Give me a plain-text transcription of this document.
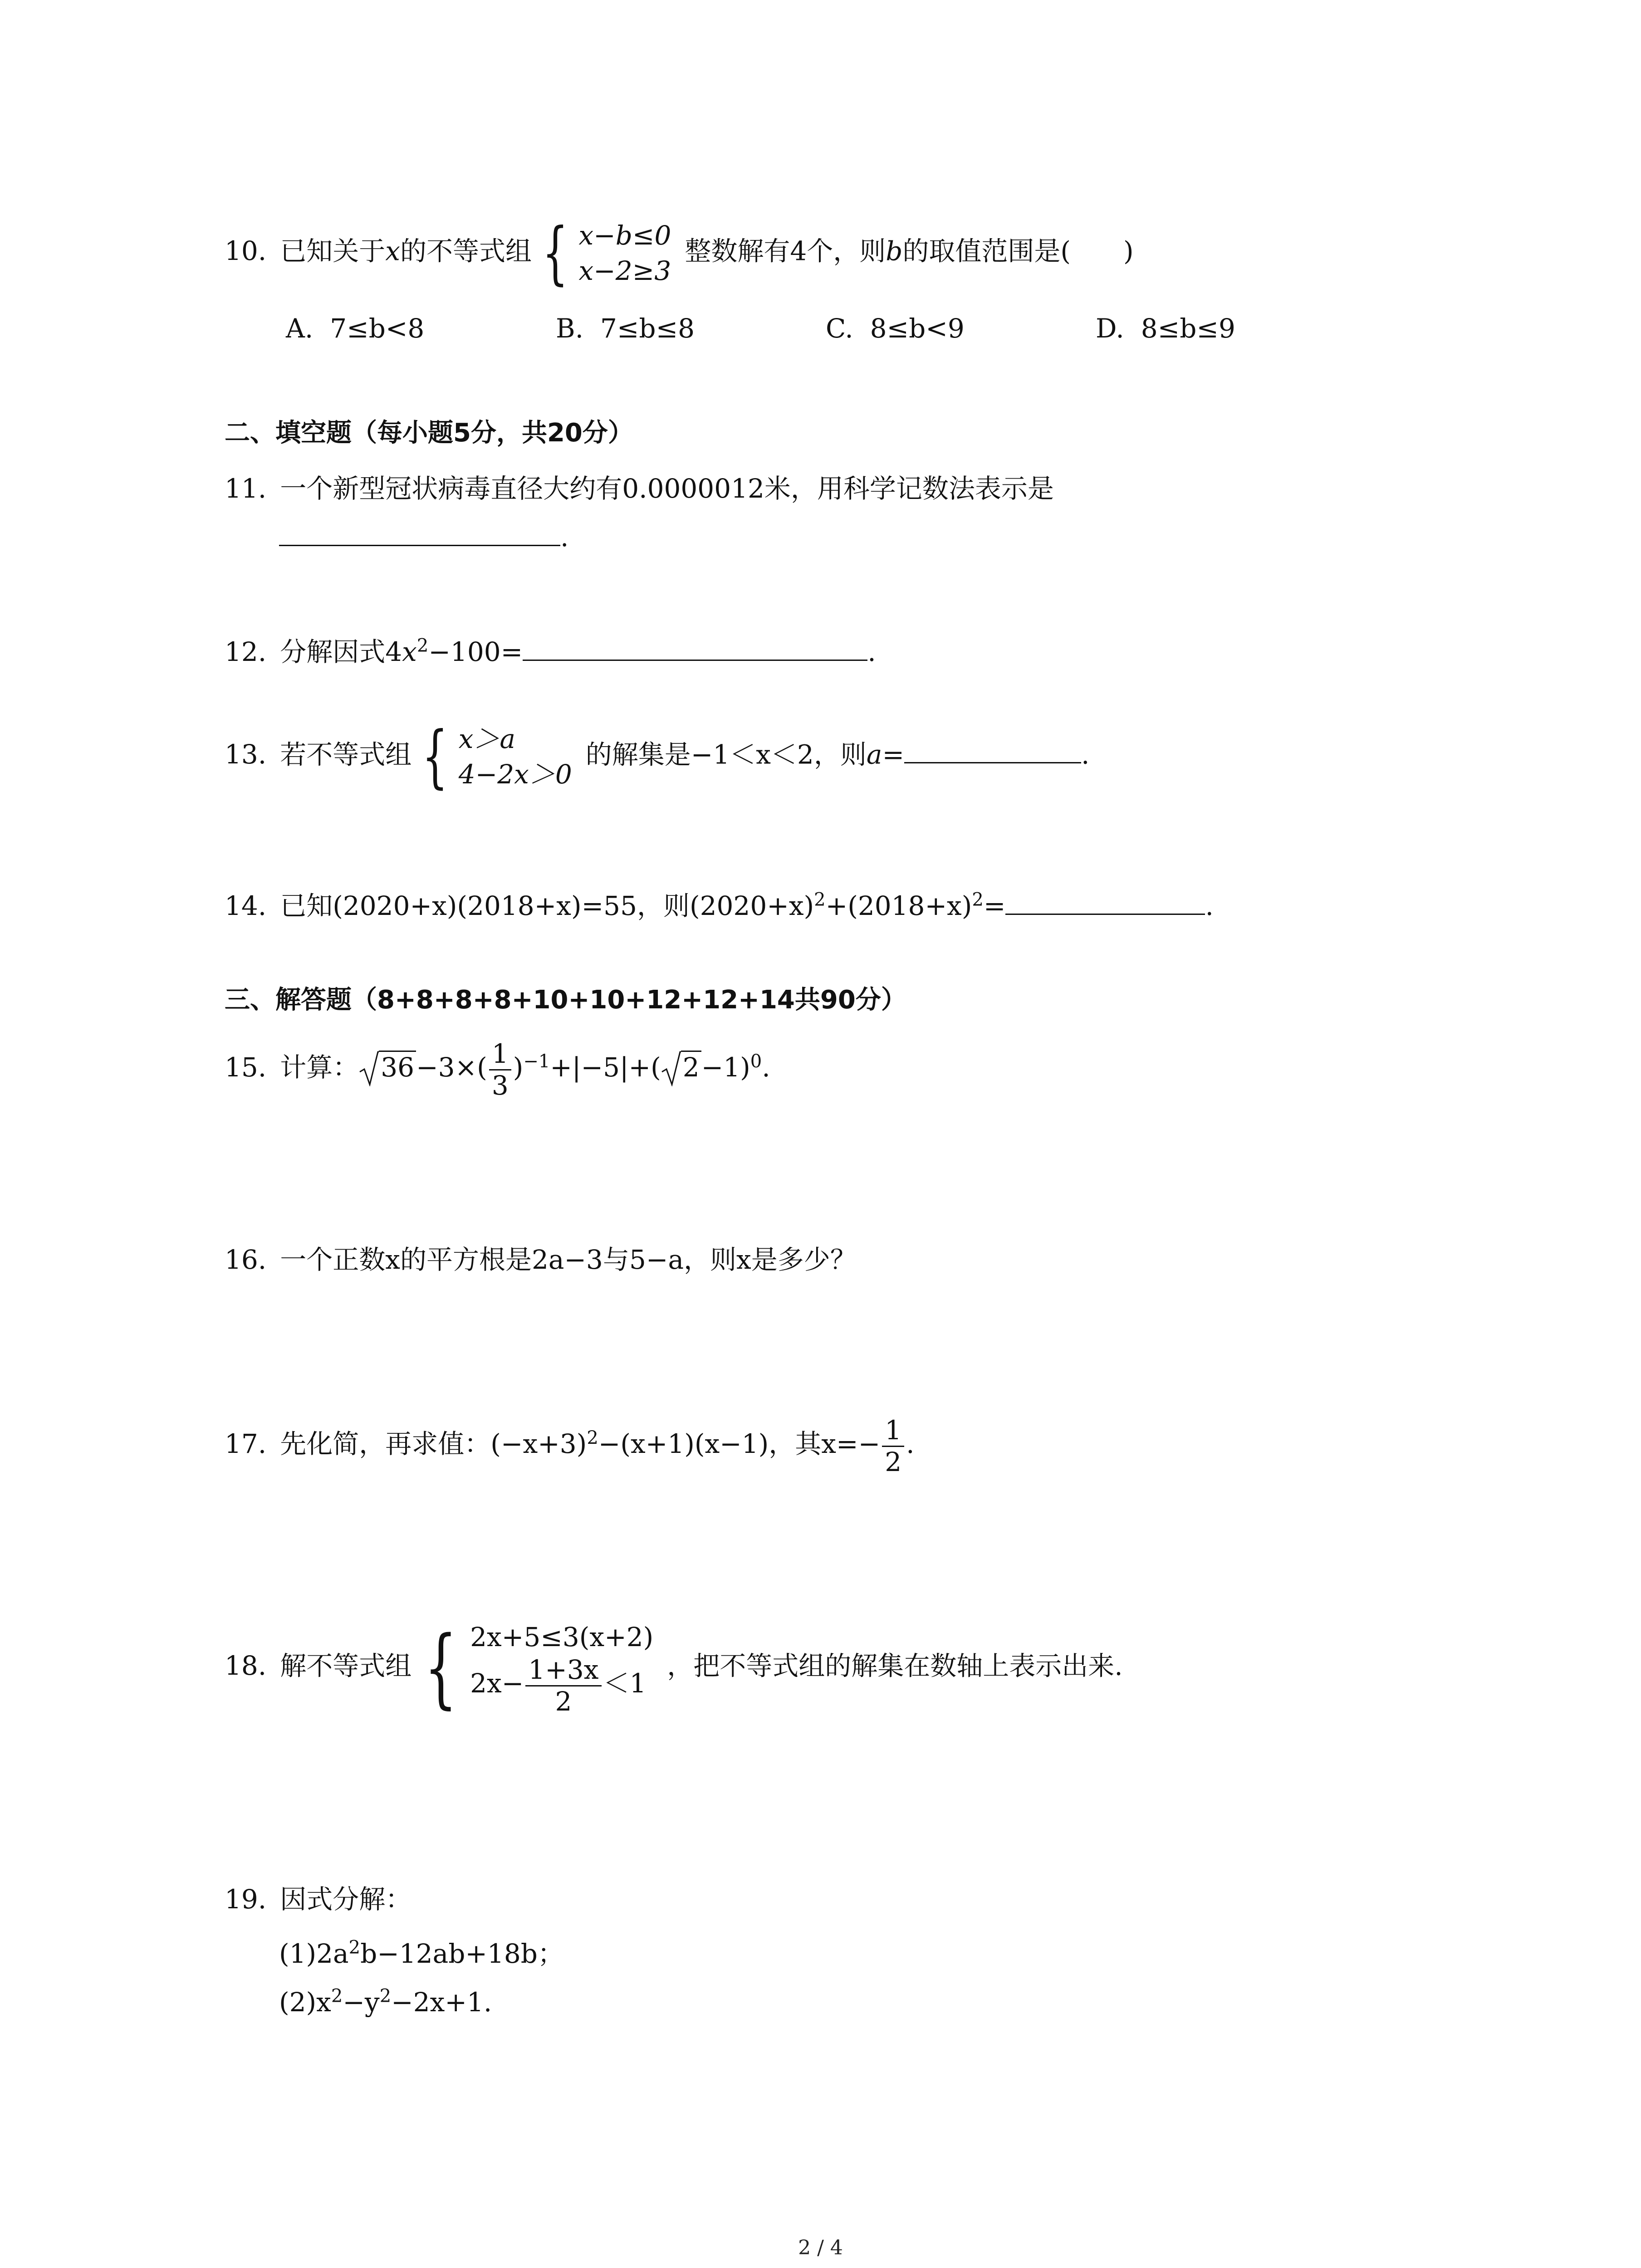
10. 已知关于x的不等式组 { x−b≤0
x−2≥3
整数解有4个，则b的取值范围是(　　)
A. 7≤b<8	B. 7≤b≤8	C. 8≤b<9	D. 8≤b≤9
二、填空题（每小题5分，共20分）
11. 一个新型冠状病毒直径大约有0.0000012米，用科学记数法表示是
.
12. 分解因式$4x^2-100=$	.
13. 若不等式组 { x＞a
4−2x＞0
的解集是−1＜x＜2，则a=	.
14. 已知(2020+x)(2018+x)=55，则$(2020+x)^2+(2018+x)^2=$	.
三、解答题（8+8+8+8+10+10+12+12+14共90分）
15. 计算： $36-3\times( \frac{1}{3} )^{-1}+|-5|+$( 2−1)$^0$.
16. 一个正数x的平方根是2a−3与5−a，则x是多少？
17. 先化简，再求值：$(-x+3)^2-(x+1)(x-1)$，其$x=- \frac{1}{2}$ .
18. 解不等式组 { 2x+5≤3(x+2)
$2x- \frac{1+3x}{2} <1$
，把不等式组的解集在数轴上表示出来.
19. 因式分解：
$(1)2a^2b-12ab+18b$；
$(2)x^2-y^2-2x+1$.
2 / 4
